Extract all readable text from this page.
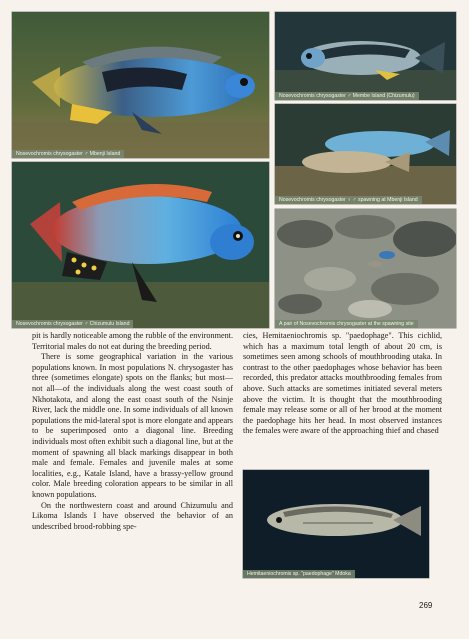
Nosevochromis chrysogaster ♂ Mbenji Island
Nosevochromis chrysogaster ♂ Membe Island (Chizumulu)
Nosevochromis chrysogaster ♀ ♂ spawning at Mbenji Island
Nosevochromis chrysogaster ♂ Chizumulu Island	A pair of Nosevochromis chrysogaster at the spawning site

pit is hardly noticeable among the rubble of the environment. Territorial males do not eat during the breeding period.

There is some geographical variation in the various populations known. In most populations N. chrysogaster has three (sometimes elongate) spots on the flanks; but most—not all—of the individuals along the west coast south of Nkhotakota, and along the east coast south of the Nsinje River, lack the middle one. In some individuals of all known populations the mid-lateral spot is more elongate and appears to be superimposed onto a diagonal line. Breeding individuals most often exhibit such a diagonal line, but at the moment of spawning all black markings disappear in both male and female. Females and juvenile males at some localities, e.g., Katale Island, have a brassy-yellow ground color. Male breeding coloration appears to be similar in all known populations.

On the northwestern coast and around Chizumulu and Likoma Islands I have observed the behavior of an undescribed brood-robbing spe-

cies, Hemitaeniochromis sp. "paedophage". This cichlid, which has a maximum total length of about 20 cm, is sometimes seen among schools of mouthbrooding utaka. In contrast to the other paedophages whose behavior has been recorded, this predator attacks mouthbrooding females from above. Such attacks are sometimes initiated several meters above the victim. It is thought that the mouthbrooding female may release some or all of her brood at the moment the paedophage hits her head. In most observed instances the females were aware of the approaching thief and chased

Hemitaeniochromis sp. "paedophage" Mdoka
269
